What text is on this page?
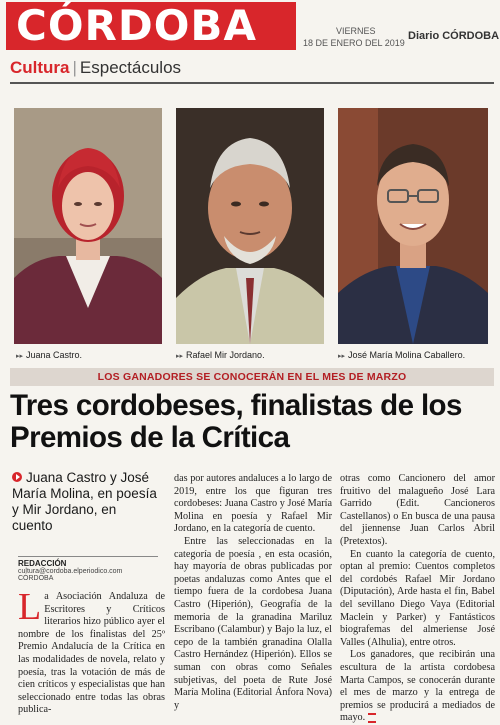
CÓRDOBA	VIERNES
18 DE ENERO DEL 2019
Diario CÓRDOBA
Cultura | Espectáculos
▸▸ Juana Castro.	▸▸ Rafael Mir Jordano.	▸▸ José María Molina Caballero.
LOS GANADORES SE CONOCERÁN EN EL MES DE MARZO
Tres cordobeses, finalistas de los Premios de la Crítica
Juana Castro y José María Molina, en poesía y Mir Jordano, en cuento
REDACCIÓN
cultura@cordoba.elperiodico.com
CÓRDOBA

La Asociación Andaluza de Escritores y Críticos literarios hizo público ayer el nombre de los finalistas del 25º Premio Andalucía de la Crítica en las modalidades de novela, relato y poesía, tras la votación de más de cien críticos y especialistas que han seleccionado entre todas las obras publica-

das por autores andaluces a lo largo de 2019, entre los que figuran tres cordobeses: Juana Castro y José María Molina en poesía y Rafael Mir Jordano, en la categoría de cuento.

Entre las seleccionadas en la categoría de poesía , en esta ocasión, hay mayoría de obras publicadas por poetas andaluzas como Antes que el tiempo fuera de la cordobesa Juana Castro (Hiperión), Geografía de la memoria de la granadina Mariluz Escribano (Calambur) y Bajo la luz, el cepo de la también granadina Olalla Castro Hernández (Hiperión). Ellos se suman con obras como Señales subjetivas, del poeta de Rute José María Molina (Editorial Ánfora Nova) y

otras como Cancionero del amor fruitivo del malagueño José Lara Garrido (Edit. Cancioneros Castellanos) o En busca de una pausa del jiennense Juan Carlos Abril (Pretextos).

En cuanto la categoría de cuento, optan al premio: Cuentos completos del cordobés Rafael Mir Jordano (Diputación), Arde hasta el fin, Babel del sevillano Diego Vaya (Editorial Maclein y Parker) y Fantásticos biografemas del almeriense José Valles (Alhulia), entre otros.

Los ganadores, que recibirán una escultura de la artista cordobesa Marta Campos, se conocerán durante el mes de marzo y la entrega de premios se producirá a mediados de mayo.
